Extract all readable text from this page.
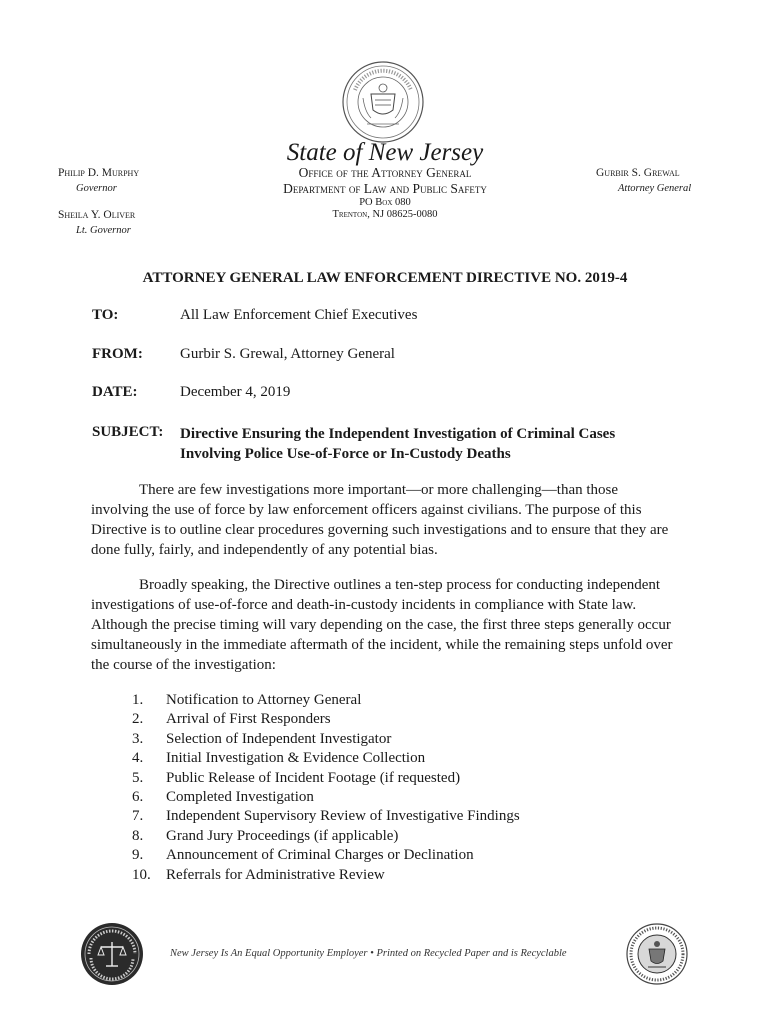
State of New Jersey
Philip D. Murphy
Governor
Sheila Y. Oliver
Lt. Governor
Office of the Attorney General
Department of Law and Public Safety
PO Box 080
Trenton, NJ 08625-0080
Gurbir S. Grewal
Attorney General
ATTORNEY GENERAL LAW ENFORCEMENT DIRECTIVE NO. 2019-4
TO:	All Law Enforcement Chief Executives
FROM: Gurbir S. Grewal, Attorney General
DATE:	December 4, 2019
SUBJECT: Directive Ensuring the Independent Investigation of Criminal Cases
Involving Police Use-of-Force or In-Custody Deaths
There are few investigations more important—or more challenging—than those
involving the use of force by law enforcement officers against civilians. The purpose of this
Directive is to outline clear procedures governing such investigations and to ensure that they are
done fully, fairly, and independently of any potential bias.
Broadly speaking, the Directive outlines a ten-step process for conducting independent
investigations of use-of-force and death-in-custody incidents in compliance with State law.
Although the precise timing will vary depending on the case, the first three steps generally occur
simultaneously in the immediate aftermath of the incident, while the remaining steps unfold over
the course of the investigation:
1.	Notification to Attorney General
2.	Arrival of First Responders
3.	Selection of Independent Investigator
4.	Initial Investigation & Evidence Collection
5.	Public Release of Incident Footage (if requested)
6.	Completed Investigation
7.	Independent Supervisory Review of Investigative Findings
8.	Grand Jury Proceedings (if applicable)
9.	Announcement of Criminal Charges or Declination
10.	Referrals for Administrative Review
New Jersey Is An Equal Opportunity Employer • Printed on Recycled Paper and is Recyclable
